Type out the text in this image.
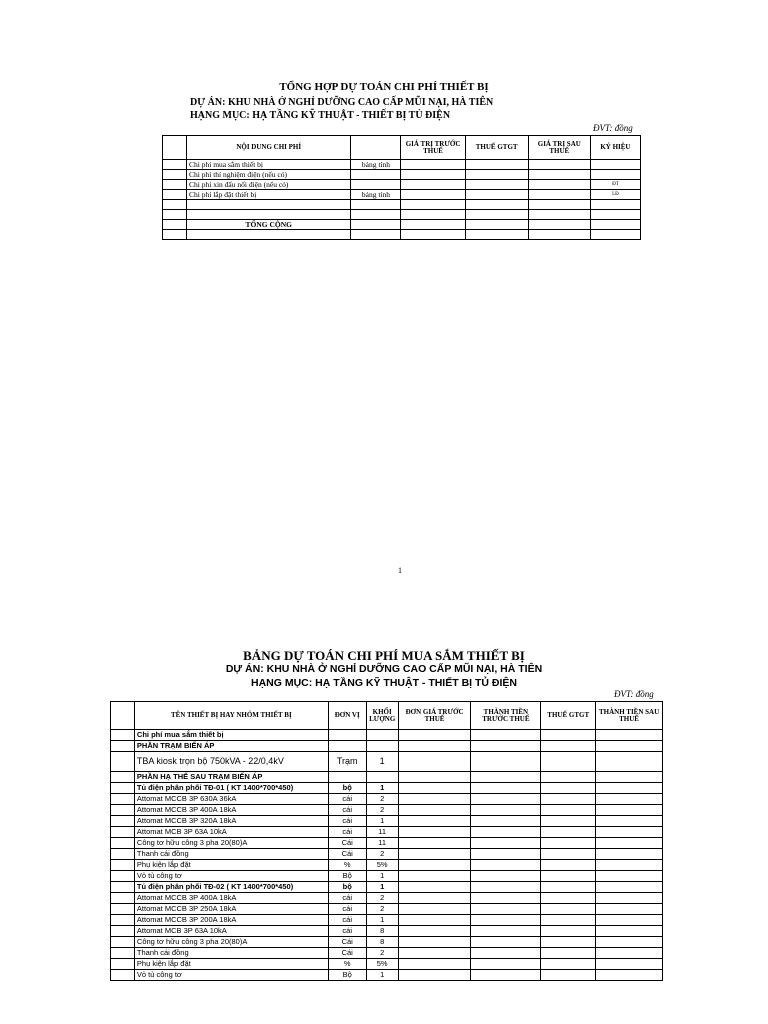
TỔNG HỢP DỰ TOÁN CHI PHÍ THIẾT BỊ
DỰ ÁN: KHU NHÀ Ở NGHỈ DƯỠNG CAO CẤP MŨI NẠI, HÀ TIÊN
HẠNG MỤC: HẠ TẦNG KỸ THUẬT - THIẾT BỊ TỦ ĐIỆN
ĐVT: đồng
	NỘI DUNG CHI PHÍ		GIÁ TRỊ TRƯỚC THUẾ	THUẾ GTGT	GIÁ TRỊ SAU THUẾ	KÝ HIỆU
	Chi phí mua sắm thiết bị	bảng tính				
	Chi phí thí nghiệm điện (nếu có)					
	Chi phí xin đấu nối điện (nếu có)					ĐT
	Chi phí lắp đặt thiết bị	bảng tính				LĐ

	TỔNG CỘNG					

1
BẢNG DỰ TOÁN CHI PHÍ MUA SẮM THIẾT BỊ
DỰ ÁN: KHU NHÀ Ở NGHỈ DƯỠNG CAO CẤP MŨI NẠI, HÀ TIÊN
HẠNG MỤC: HẠ TẦNG KỸ THUẬT - THIẾT BỊ TỦ ĐIỆN
ĐVT: đồng
	TÊN THIẾT BỊ HAY NHÓM THIẾT BỊ	ĐƠN VỊ	KHỐI LƯỢNG	ĐƠN GIÁ TRƯỚC THUẾ	THÀNH TIỀN TRƯỚC THUẾ	THUẾ GTGT	THÀNH TIỀN SAU THUẾ
	Chi phí mua sắm thiết bị						
	PHẦN TRẠM BIẾN ÁP						
	TBA kiosk trọn bộ 750kVA - 22/0,4kV	Trạm	1				
	PHẦN HẠ THẾ SAU TRẠM BIẾN ÁP						
	Tủ điện phân phối TĐ-01 ( KT 1400*700*450)	bộ	1				
	Attomat MCCB 3P 630A 36kA	cái	2				
	Attomat MCCB 3P 400A 18kA	cái	2				
	Attomat MCCB 3P 320A 18kA	cái	1				
	Attomat MCB 3P 63A 10kA	cái	11				
	Công tơ hữu công 3 pha 20(80)A	Cái	11				
	Thanh cái đồng	Cái	2				
	Phụ kiện lắp đặt	%	5%				
	Vỏ tủ công tơ	Bộ	1				
	Tủ điện phân phối TĐ-02 ( KT 1400*700*450)	bộ	1				
	Attomat MCCB 3P 400A 18kA	cái	2				
	Attomat MCCB 3P 250A 18kA	cái	2				
	Attomat MCCB 3P 200A 18kA	cái	1				
	Attomat MCB 3P 63A 10kA	cái	8				
	Công tơ hữu công 3 pha 20(80)A	Cái	8				
	Thanh cái đồng	Cái	2				
	Phụ kiện lắp đặt	%	5%				
	Vỏ tủ công tơ	Bộ	1				
